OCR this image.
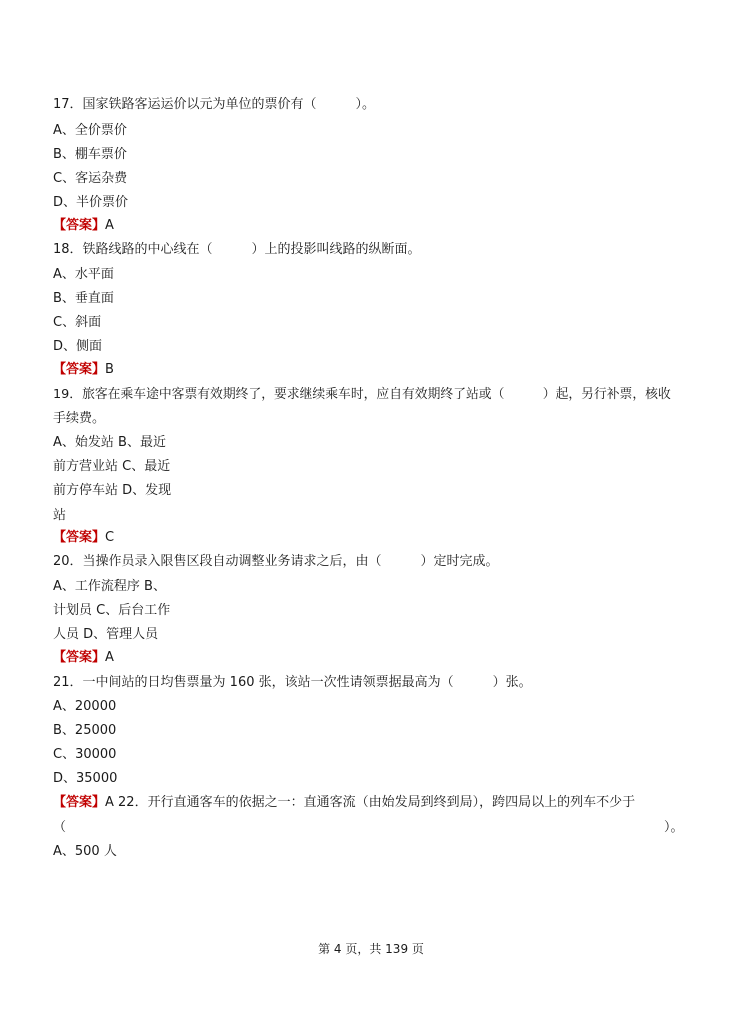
17．国家铁路客运运价以元为单位的票价有（　　　）。
A、全价票价
B、棚车票价
C、客运杂费
D、半价票价
【答案】A
18．铁路线路的中心线在（　　　）上的投影叫线路的纵断面。
A、水平面
B、垂直面
C、斜面
D、侧面
【答案】B
19．旅客在乘车途中客票有效期终了，要求继续乘车时，应自有效期终了站或（　　　）起，另行补票，核收
手续费。
A、始发站 B、最近
前方营业站 C、最近
前方停车站 D、发现
站
【答案】C
20．当操作员录入限售区段自动调整业务请求之后，由（　　　）定时完成。
A、工作流程序 B、
计划员 C、后台工作
人员 D、管理人员
【答案】A
21．一中间站的日均售票量为 160 张，该站一次性请领票据最高为（　　　）张。
A、20000
B、25000
C、30000
D、35000
【答案】A 22．开行直通客车的依据之一：直通客流（由始发局到终到局），跨四局以上的列车不少于
（	）。
A、500 人
第 4 页，共 139 页
